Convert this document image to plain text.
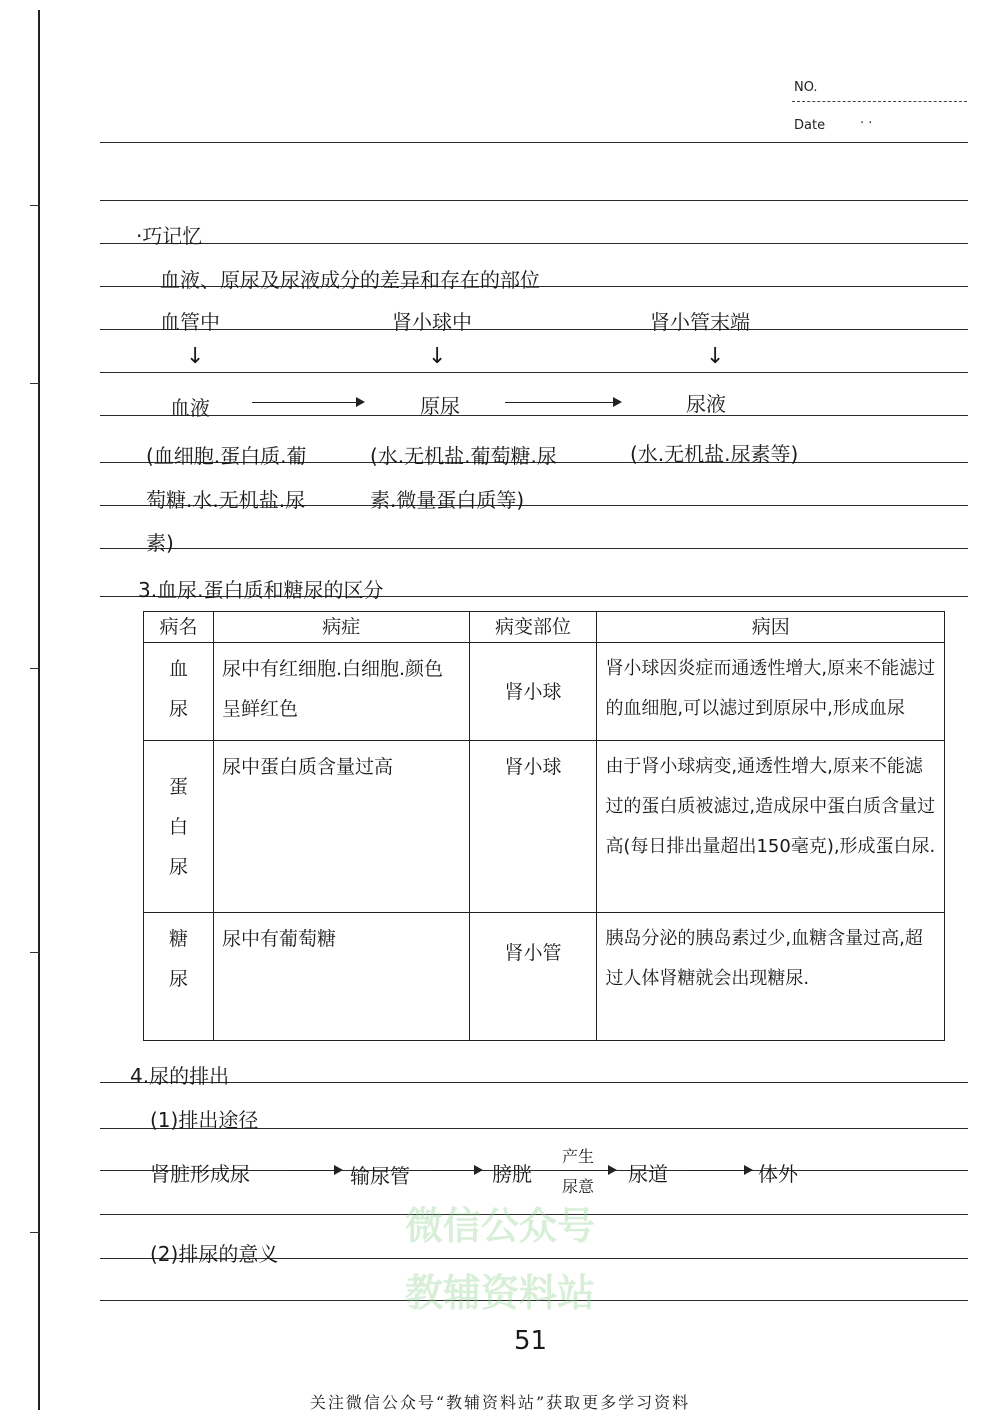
NO.
Date	· ·
微信公众号
教辅资料站
·巧记忆
血液、原尿及尿液成分的差异和存在的部位
血管中	肾小球中	肾小管末端
↓	↓	↓
血液	原尿	尿液
(血细胞.蛋白质.葡
萄糖.水.无机盐.尿
素)
(水.无机盐.葡萄糖.尿
素.微量蛋白质等)
(水.无机盐.尿素等)
3.血尿.蛋白质和糖尿的区分
病名	病症	病变部位	病因

血
尿	尿中有红细胞.白细胞.颜色呈鲜红色	肾小球	肾小球因炎症而通透性增大,原来不能滤过的血细胞,可以滤过到原尿中,形成血尿

蛋
白
尿	尿中蛋白质含量过高	肾小球	由于肾小球病变,通透性增大,原来不能滤过的蛋白质被滤过,造成尿中蛋白质含量过高(每日排出量超出150毫克),形成蛋白尿.

糖
尿	尿中有葡萄糖	肾小管	胰岛分泌的胰岛素过少,血糖含量过高,超过人体肾糖就会出现糖尿.
4.尿的排出
(1)排出途径
肾脏形成尿	输尿管	膀胱
产生
尿意
尿道	体外
(2)排尿的意义
51
关注微信公众号“教辅资料站”获取更多学习资料
